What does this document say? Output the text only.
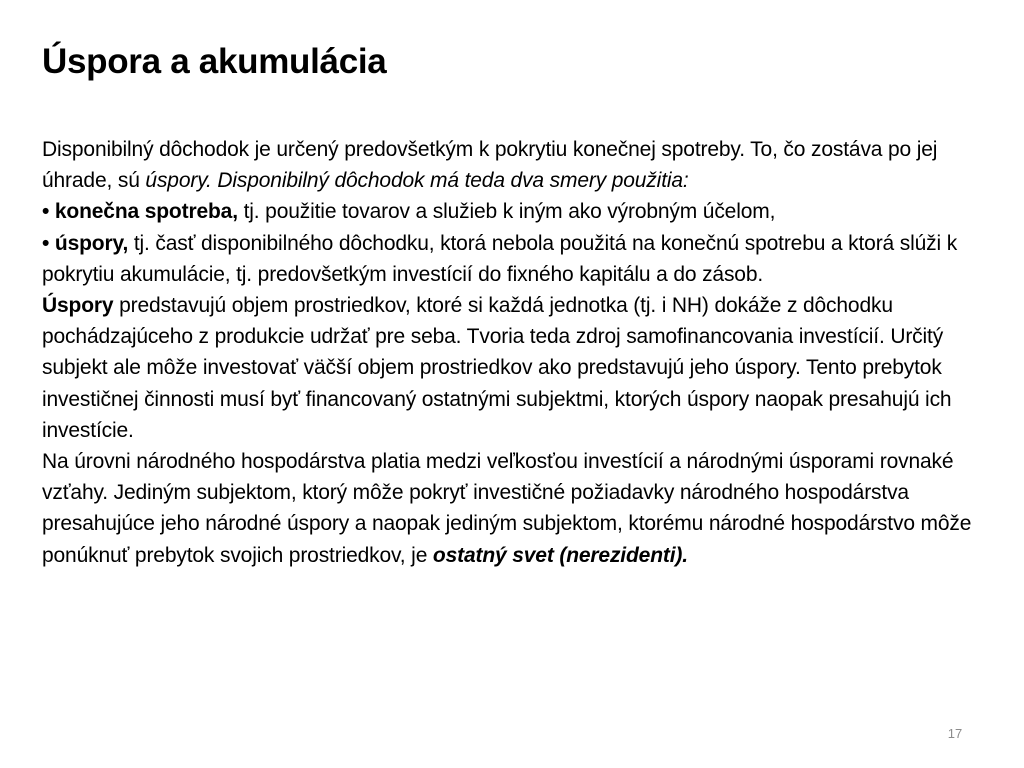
Úspora a akumulácia

Disponibilný dôchodok je určený predovšetkým k pokrytiu konečnej spotreby. To, čo zostáva po jej úhrade, sú úspory. Disponibilný dôchodok má teda dva smery použitia:

• konečna spotreba, tj. použitie tovarov a služieb k iným ako výrobným účelom,

• úspory, tj. časť disponibilného dôchodku, ktorá nebola použitá na konečnú spotrebu a ktorá slúži k pokrytiu akumulácie, tj. predovšetkým investícií do fixného kapitálu a do zásob.

Úspory predstavujú objem prostriedkov, ktoré si každá jednotka (tj. i NH) dokáže z dôchodku pochádzajúceho z produkcie udržať pre seba. Tvoria teda zdroj samofinancovania investícií. Určitý subjekt ale môže investovať väčší objem prostriedkov ako predstavujú jeho úspory. Tento prebytok investičnej činnosti musí byť financovaný ostatnými subjektmi, ktorých úspory naopak presahujú ich investície.

Na úrovni národného hospodárstva platia medzi veľkosťou investícií a národnými úsporami rovnaké vzťahy. Jediným subjektom, ktorý môže pokryť investičné požiadavky národného hospodárstva presahujúce jeho národné úspory a naopak jediným subjektom, ktorému národné hospodárstvo môže ponúknuť prebytok svojich prostriedkov, je ostatný svet (nerezidenti).

17
